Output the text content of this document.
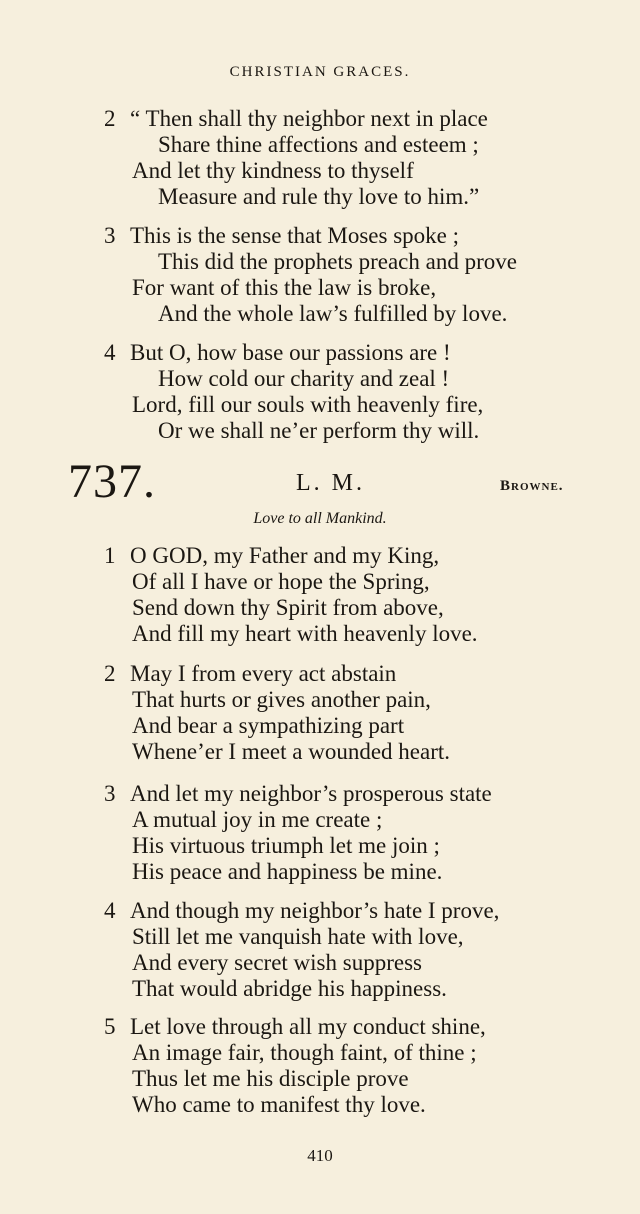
CHRISTIAN GRACES.
2 “ Then shall thy neighbor next in place
Share thine affections and esteem ;
And let thy kindness to thyself
Measure and rule thy love to him.”
3 This is the sense that Moses spoke ;
This did the prophets preach and prove
For want of this the law is broke,
And the whole law’s fulfilled by love.
4 But O, how base our passions are !
How cold our charity and zeal !
Lord, fill our souls with heavenly fire,
Or we shall ne’er perform thy will.
737.	L. M.	Browne.
Love to all Mankind.
1 O GOD, my Father and my King,
Of all I have or hope the Spring,
Send down thy Spirit from above,
And fill my heart with heavenly love.
2 May I from every act abstain
That hurts or gives another pain,
And bear a sympathizing part
Whene’er I meet a wounded heart.
3 And let my neighbor’s prosperous state
A mutual joy in me create ;
His virtuous triumph let me join ;
His peace and happiness be mine.
4 And though my neighbor’s hate I prove,
Still let me vanquish hate with love,
And every secret wish suppress
That would abridge his happiness.
5 Let love through all my conduct shine,
An image fair, though faint, of thine ;
Thus let me his disciple prove
Who came to manifest thy love.
410
